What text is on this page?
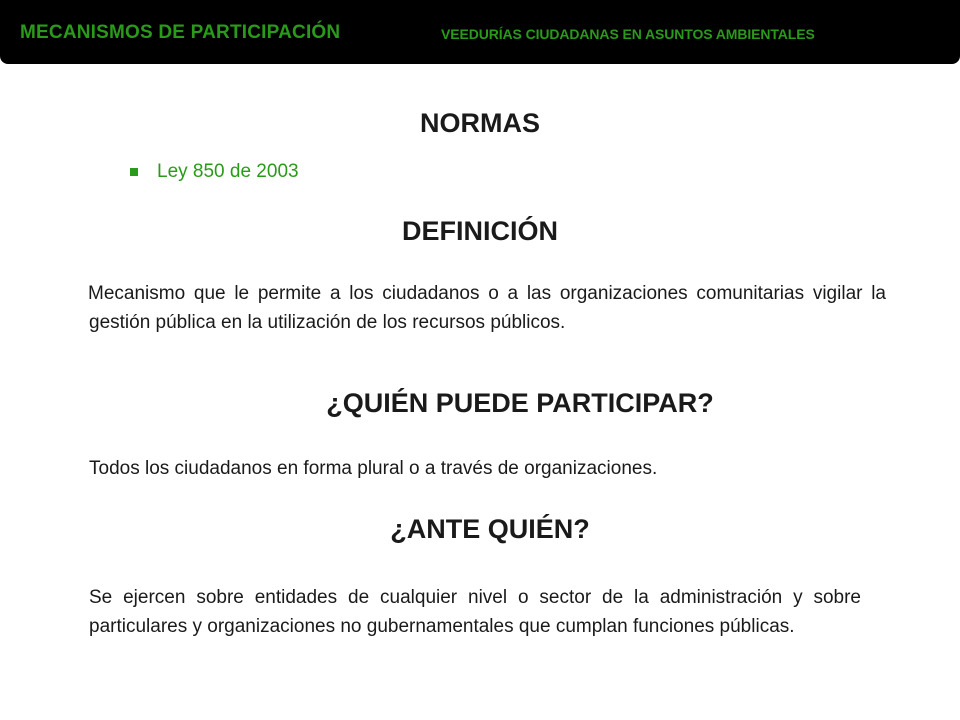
MECANISMOS DE PARTICIPACIÓN	VEEDURÍAS CIUDADANAS EN ASUNTOS AMBIENTALES
NORMAS
Ley 850 de 2003
DEFINICIÓN
Mecanismo que le permite a los ciudadanos o a las organizaciones comunitarias vigilar la gestión pública en la utilización de los recursos públicos.
¿QUIÉN PUEDE PARTICIPAR?
Todos los ciudadanos en forma plural o a través de organizaciones.
¿ANTE QUIÉN?
Se ejercen sobre entidades de cualquier nivel o sector de la administración y sobre particulares y organizaciones no gubernamentales que cumplan funciones públicas.
